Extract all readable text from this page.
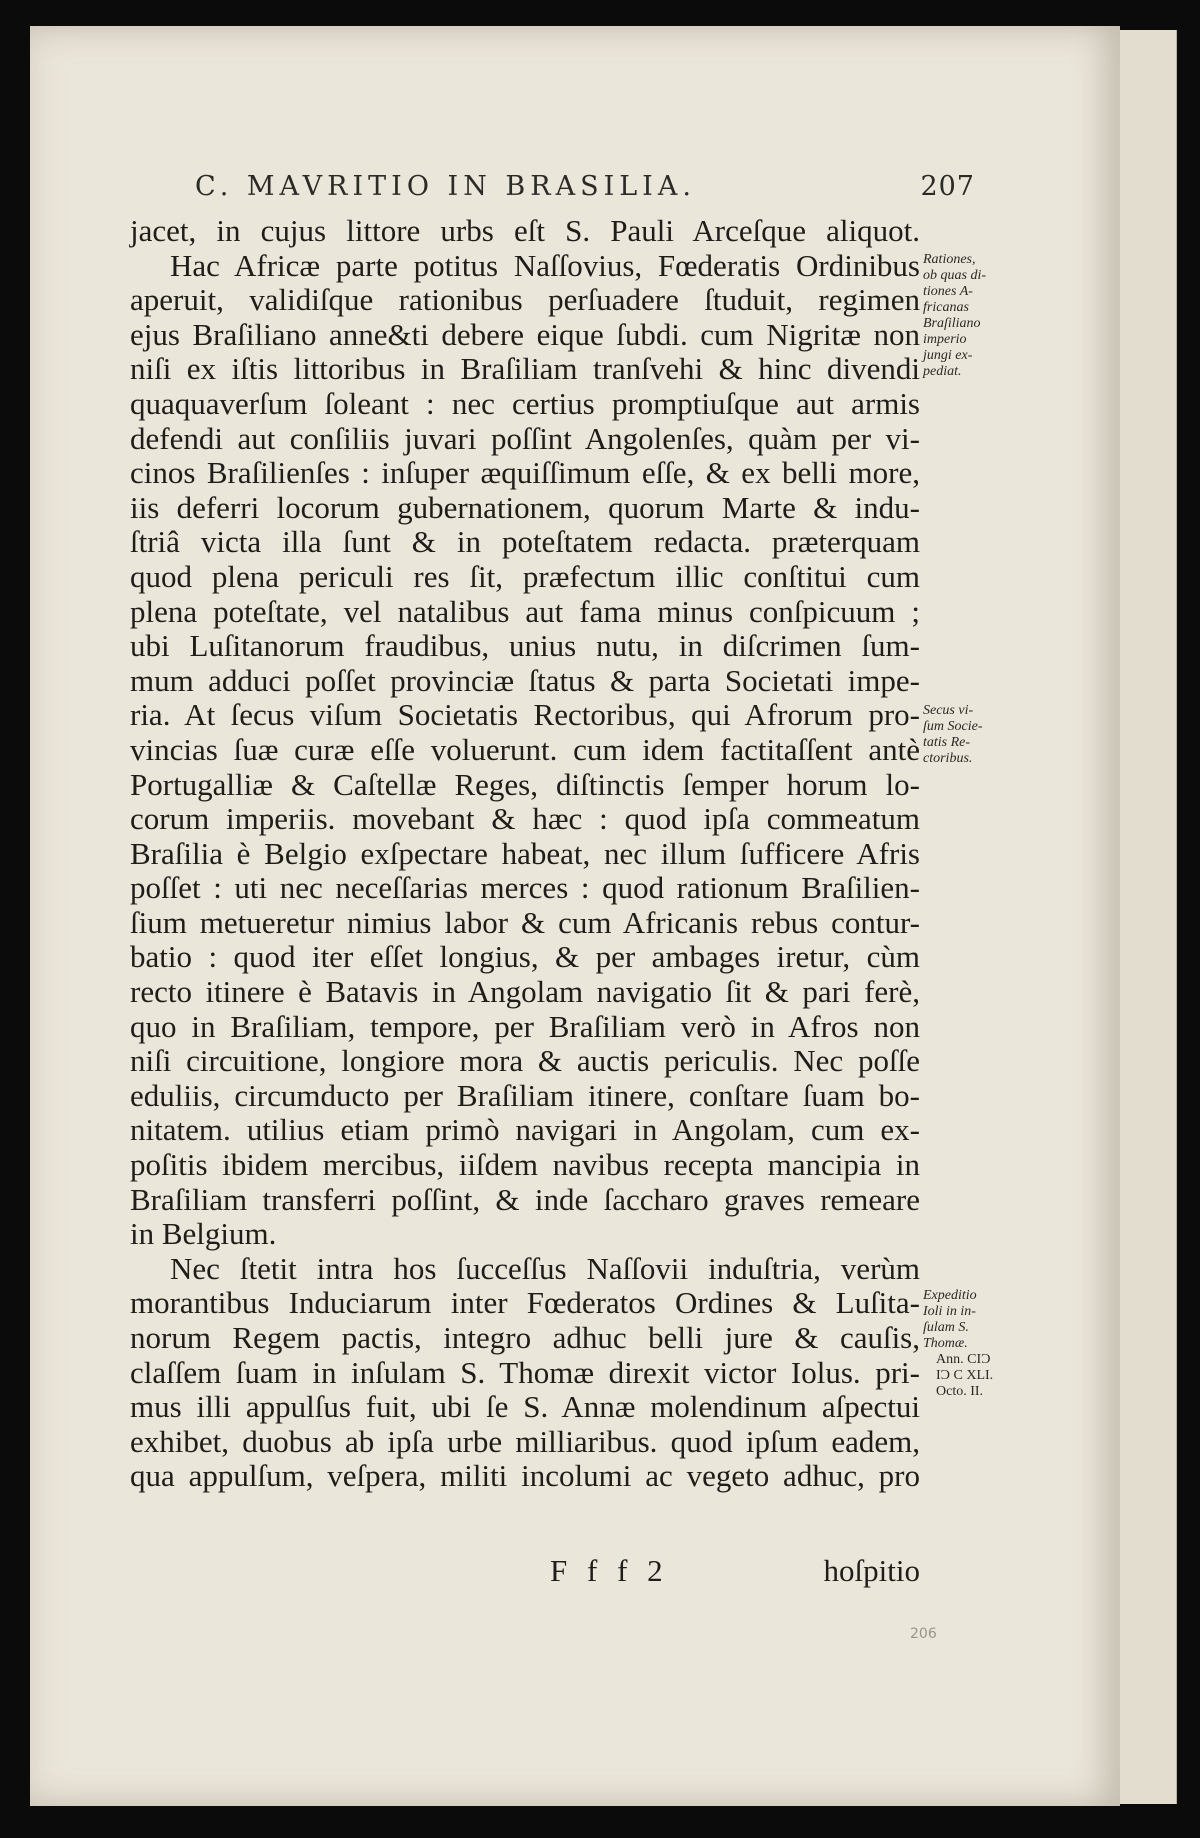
C. MAVRITIO IN BRASILIA.	207
jacet, in cujus littore urbs eſt S. Pauli Arceſque aliquot.
Hac Africæ parte potitus Naſſovius, Fœderatis Ordinibus
aperuit, validiſque rationibus perſuadere ſtuduit, regimen
ejus Braſiliano anne&ti debere eique ſubdi. cum Nigritæ non
niſi ex iſtis littoribus in Braſiliam tranſvehi & hinc divendi
quaquaverſum ſoleant : nec certius promptiuſque aut armis
defendi aut conſiliis juvari poſſint Angolenſes, quàm per vi-
cinos Braſilienſes : inſuper æquiſſimum eſſe, & ex belli more,
iis deferri locorum gubernationem, quorum Marte & indu-
ſtriâ victa illa ſunt & in poteſtatem redacta. præterquam
quod plena periculi res ſit, præfectum illic conſtitui cum
plena poteſtate, vel natalibus aut fama minus conſpicuum ;
ubi Luſitanorum fraudibus, unius nutu, in diſcrimen ſum-
mum adduci poſſet provinciæ ſtatus & parta Societati impe-
ria. At ſecus viſum Societatis Rectoribus, qui Afrorum pro-
vincias ſuæ curæ eſſe voluerunt. cum idem factitaſſent antè
Portugalliæ & Caſtellæ Reges, diſtinctis ſemper horum lo-
corum imperiis. movebant & hæc : quod ipſa commeatum
Braſilia è Belgio exſpectare habeat, nec illum ſufficere Afris
poſſet : uti nec neceſſarias merces : quod rationum Braſilien-
ſium metueretur nimius labor & cum Africanis rebus contur-
batio : quod iter eſſet longius, & per ambages iretur, cùm
recto itinere è Batavis in Angolam navigatio ſit & pari ferè,
quo in Braſiliam, tempore, per Braſiliam verò in Afros non
niſi circuitione, longiore mora & auctis periculis. Nec poſſe
eduliis, circumducto per Braſiliam itinere, conſtare ſuam bo-
nitatem. utilius etiam primò navigari in Angolam, cum ex-
poſitis ibidem mercibus, iiſdem navibus recepta mancipia in
Braſiliam transferri poſſint, & inde ſaccharo graves remeare
in Belgium.
Nec ſtetit intra hos ſucceſſus Naſſovii induſtria, verùm
morantibus Induciarum inter Fœderatos Ordines & Luſita-
norum Regem pactis, integro adhuc belli jure & cauſis,
claſſem ſuam in inſulam S. Thomæ direxit victor Iolus. pri-
mus illi appulſus fuit, ubi ſe S. Annæ molendinum aſpectui
exhibet, duobus ab ipſa urbe milliaribus. quod ipſum eadem,
qua appulſum, veſpera, militi incolumi ac vegeto adhuc, pro
F f f 2	hoſpitio
Rationes,
ob quas di-
tiones A-
fricanas
Braſiliano
imperio
jungi ex-
pediat.
Secus vi-
ſum Socie-
tatis Re-
ctoribus.
Expeditio
Ioli in in-
ſulam S.
Thomæ.
Ann. CIƆ
IƆ C XLI.
Octo. II.
206
